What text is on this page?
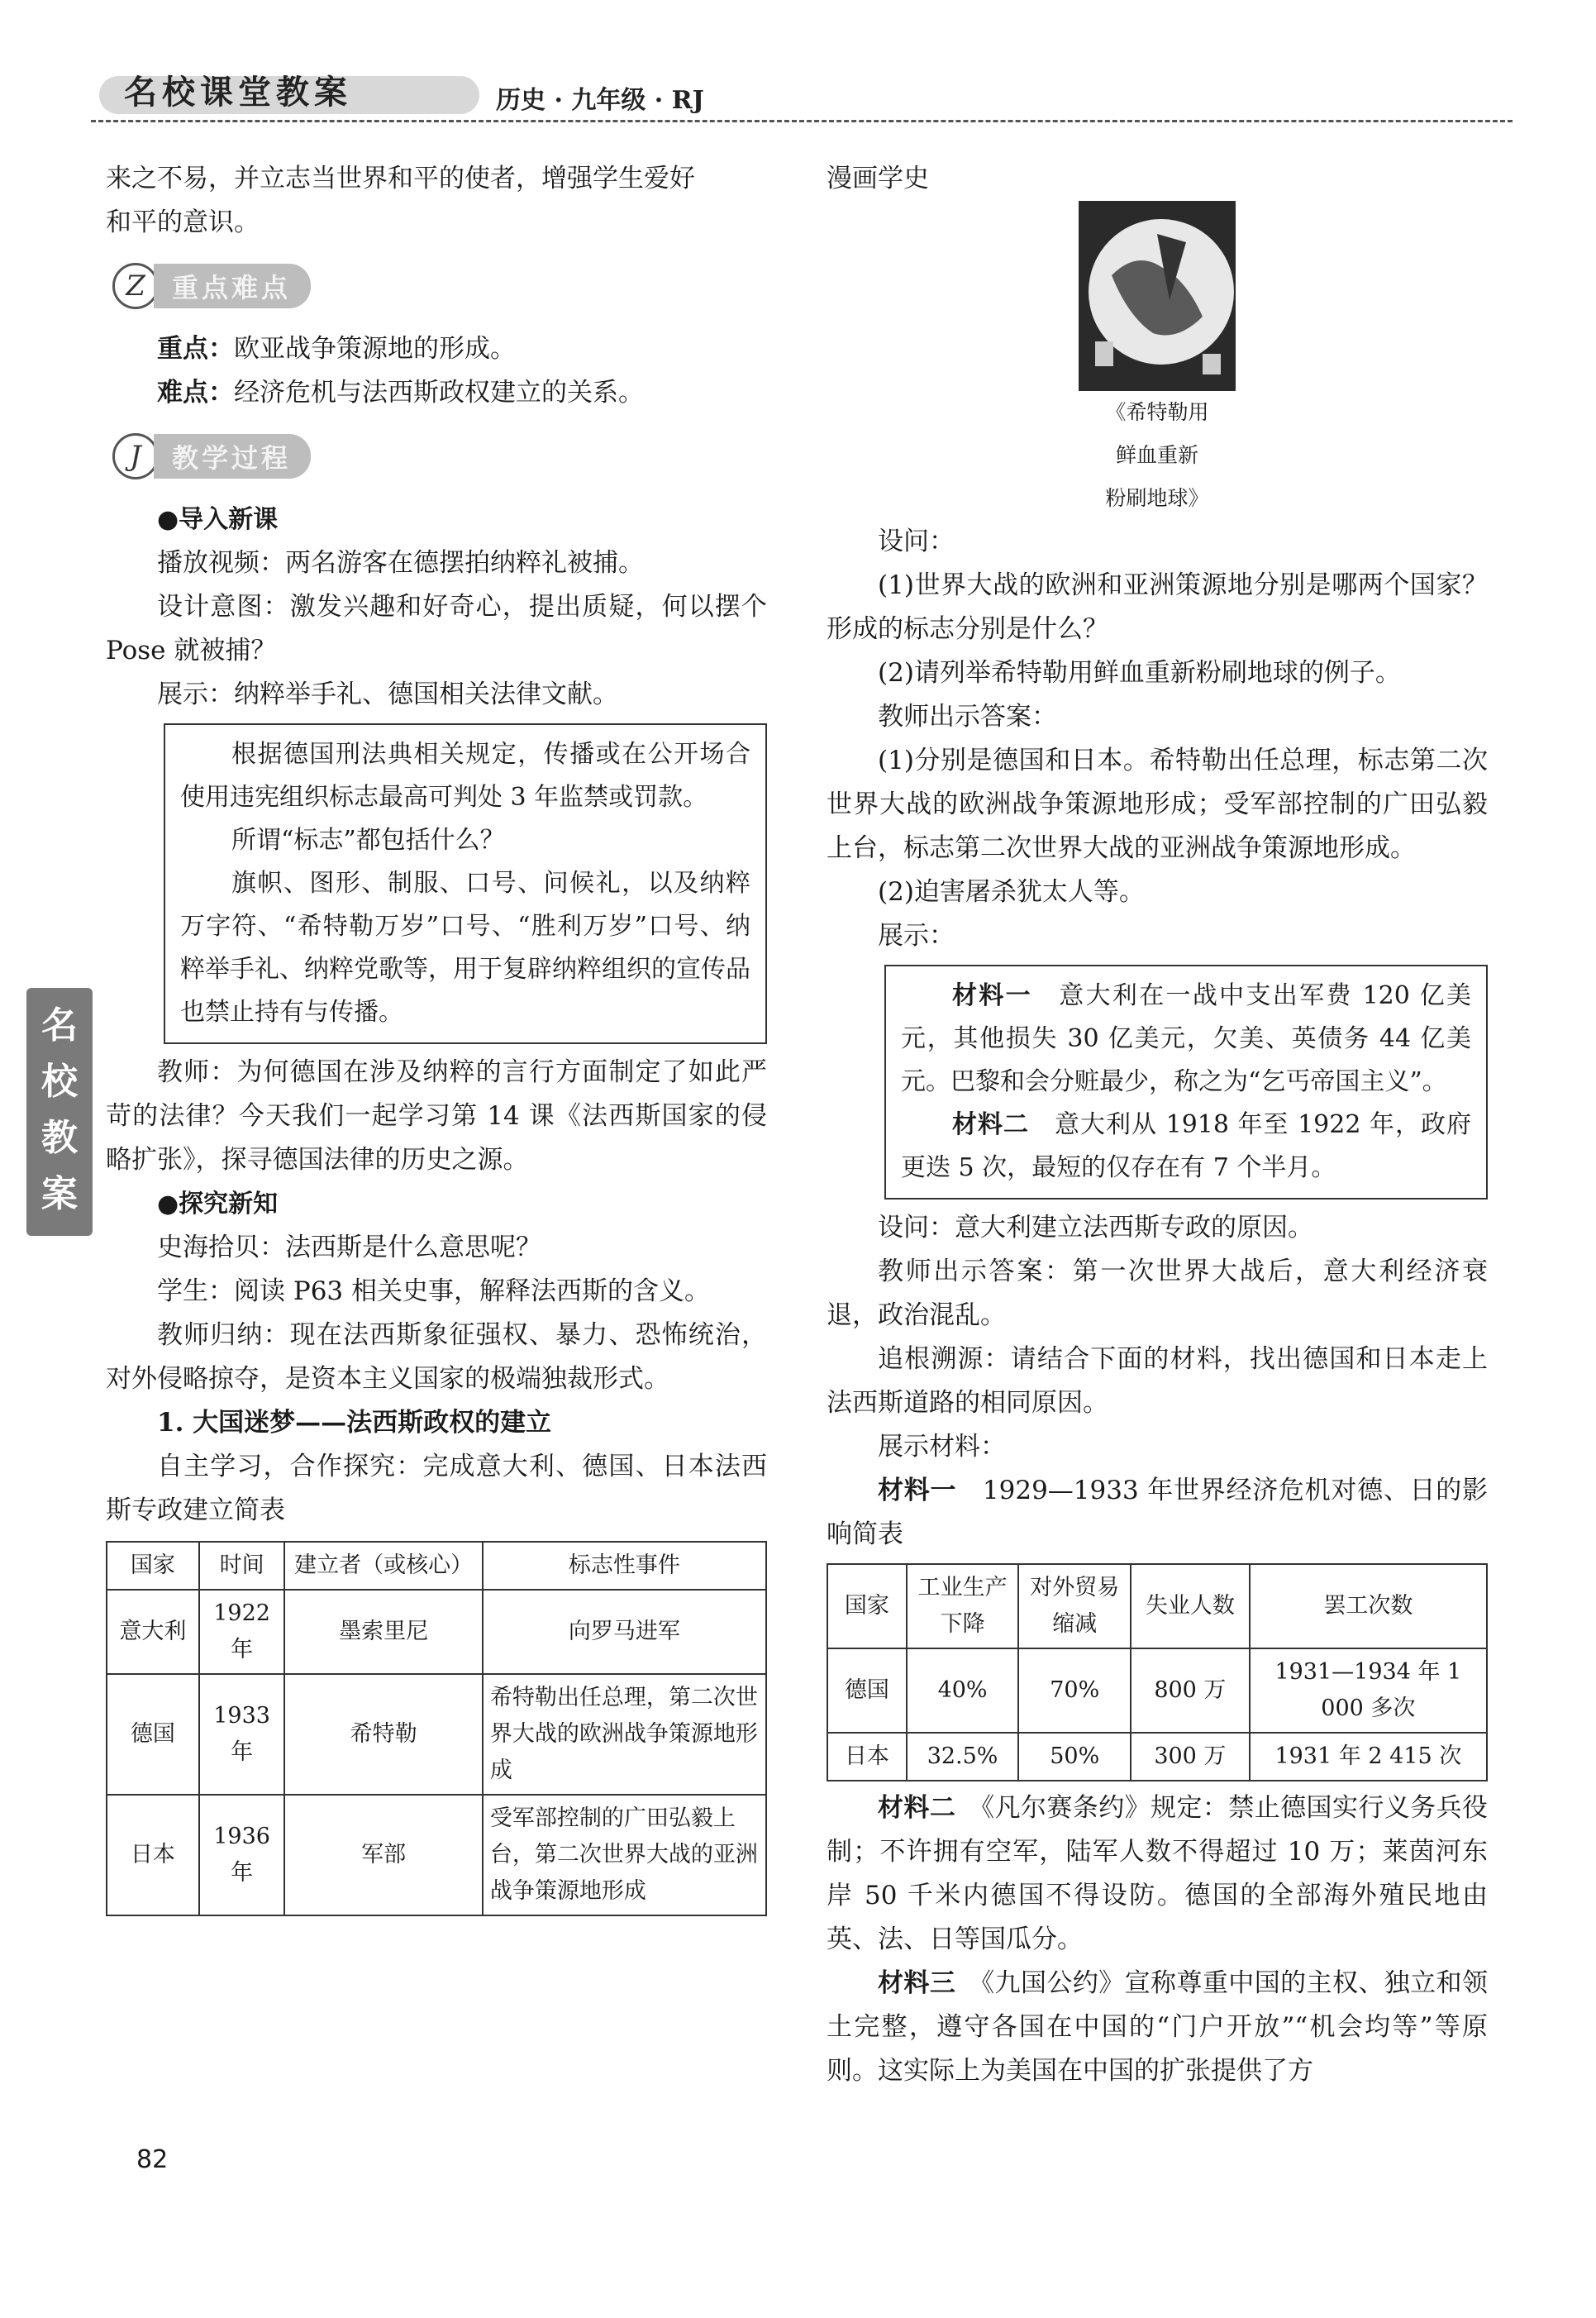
名校课堂教案	历史 · 九年级 · RJ
名
校
教
案

来之不易，并立志当世界和平的使者，增强学生爱好

和平的意识。

Z	重点难点

重点：欧亚战争策源地的形成。

难点：经济危机与法西斯政权建立的关系。

J	教学过程

●导入新课

播放视频：两名游客在德摆拍纳粹礼被捕。

设计意图：激发兴趣和好奇心，提出质疑，何以摆个 Pose 就被捕？

展示：纳粹举手礼、德国相关法律文献。

根据德国刑法典相关规定，传播或在公开场合使用违宪组织标志最高可判处 3 年监禁或罚款。

所谓“标志”都包括什么？

旗帜、图形、制服、口号、问候礼，以及纳粹万字符、“希特勒万岁”口号、“胜利万岁”口号、纳粹举手礼、纳粹党歌等，用于复辟纳粹组织的宣传品也禁止持有与传播。

教师：为何德国在涉及纳粹的言行方面制定了如此严苛的法律？今天我们一起学习第 14 课《法西斯国家的侵略扩张》，探寻德国法律的历史之源。

●探究新知

史海拾贝：法西斯是什么意思呢？

学生：阅读 P63 相关史事，解释法西斯的含义。

教师归纳：现在法西斯象征强权、暴力、恐怖统治，对外侵略掠夺，是资本主义国家的极端独裁形式。

1. 大国迷梦——法西斯政权的建立

自主学习，合作探究：完成意大利、德国、日本法西斯专政建立简表

国家	时间	建立者（或核心）	标志性事件
意大利	1922 年	墨索里尼	向罗马进军
德国	1933 年	希特勒	希特勒出任总理，第二次世界大战的欧洲战争策源地形成
日本	1936 年	军部	受军部控制的广田弘毅上台，第二次世界大战的亚洲战争策源地形成
82

漫画学史

《希特勒用
鲜血重新
粉刷地球》

设问：

(1)世界大战的欧洲和亚洲策源地分别是哪两个国家？形成的标志分别是什么？

(2)请列举希特勒用鲜血重新粉刷地球的例子。

教师出示答案：

(1)分别是德国和日本。希特勒出任总理，标志第二次世界大战的欧洲战争策源地形成；受军部控制的广田弘毅上台，标志第二次世界大战的亚洲战争策源地形成。

(2)迫害屠杀犹太人等。

展示：

材料一　意大利在一战中支出军费 120 亿美元，其他损失 30 亿美元，欠美、英债务 44 亿美元。巴黎和会分赃最少，称之为“乞丐帝国主义”。

材料二　意大利从 1918 年至 1922 年，政府更迭 5 次，最短的仅存在有 7 个半月。

设问：意大利建立法西斯专政的原因。

教师出示答案：第一次世界大战后，意大利经济衰退，政治混乱。

追根溯源：请结合下面的材料，找出德国和日本走上法西斯道路的相同原因。

展示材料：

材料一　1929—1933 年世界经济危机对德、日的影响简表

国家	工业生产下降	对外贸易缩减	失业人数	罢工次数
德国	40%	70%	800 万	1931—1934 年 1 000 多次
日本	32.5%	50%	300 万	1931 年 2 415 次

材料二　《凡尔赛条约》规定：禁止德国实行义务兵役制；不许拥有空军，陆军人数不得超过 10 万；莱茵河东岸 50 千米内德国不得设防。德国的全部海外殖民地由英、法、日等国瓜分。

材料三　《九国公约》宣称尊重中国的主权、独立和领土完整，遵守各国在中国的“门户开放”“机会均等”等原则。这实际上为美国在中国的扩张提供了方
